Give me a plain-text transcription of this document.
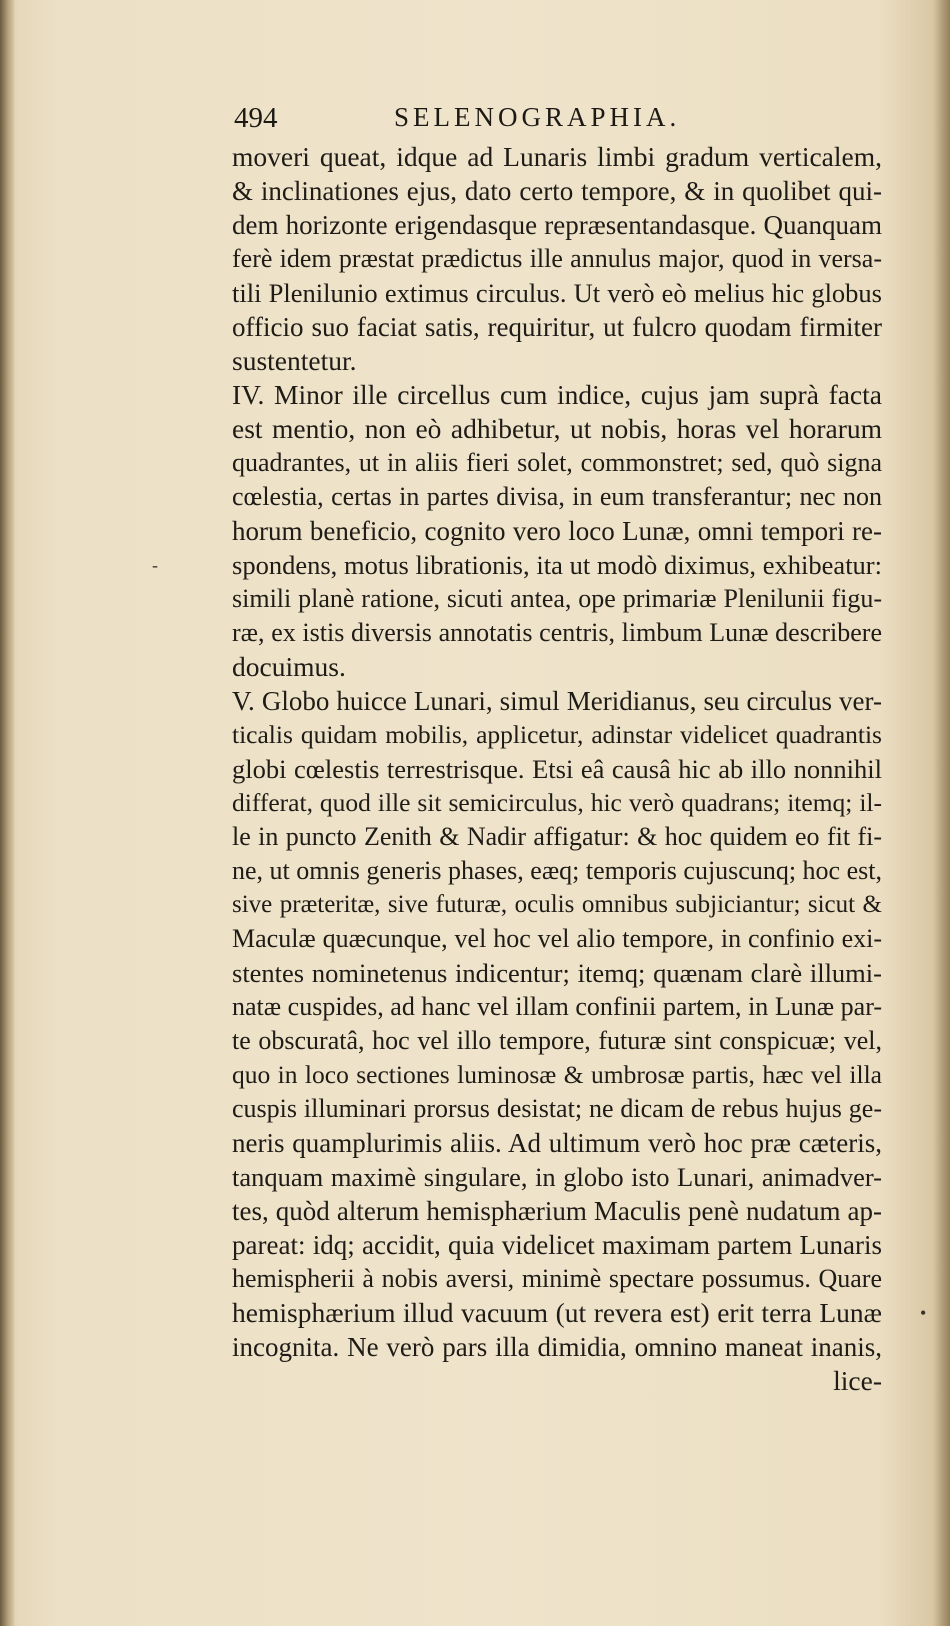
494	SELENOGRAPHIA.
moveri queat, idque ad Lunaris limbi gradum verticalem,
& inclinationes ejus, dato certo tempore, & in quolibet qui-
dem horizonte erigendasque repræsentandasque. Quanquam
ferè idem præstat prædictus ille annulus major, quod in versa-
tili Plenilunio extimus circulus. Ut verò eò melius hic globus
officio suo faciat satis, requiritur, ut fulcro quodam firmiter
sustentetur.
IV. Minor ille circellus cum indice, cujus jam suprà facta
est mentio, non eò adhibetur, ut nobis, horas vel horarum
quadrantes, ut in aliis fieri solet, commonstret; sed, quò signa
cœlestia, certas in partes divisa, in eum transferantur; nec non
horum beneficio, cognito vero loco Lunæ, omni tempori re-
spondens, motus librationis, ita ut modò diximus, exhibeatur:
simili planè ratione, sicuti antea, ope primariæ Plenilunii figu-
ræ, ex istis diversis annotatis centris, limbum Lunæ describere
docuimus.
V. Globo huicce Lunari, simul Meridianus, seu circulus ver-
ticalis quidam mobilis, applicetur, adinstar videlicet quadrantis
globi cœlestis terrestrisque. Etsi eâ causâ hic ab illo nonnihil
differat, quod ille sit semicirculus, hic verò quadrans; itemq; il-
le in puncto Zenith & Nadir affigatur: & hoc quidem eo fit fi-
ne, ut omnis generis phases, eæq; temporis cujuscunq; hoc est,
sive præteritæ, sive futuræ, oculis omnibus subjiciantur; sicut &
Maculæ quæcunque, vel hoc vel alio tempore, in confinio exi-
stentes nominetenus indicentur; itemq; quænam clarè illumi-
natæ cuspides, ad hanc vel illam confinii partem, in Lunæ par-
te obscuratâ, hoc vel illo tempore, futuræ sint conspicuæ; vel,
quo in loco sectiones luminosæ & umbrosæ partis, hæc vel illa
cuspis illuminari prorsus desistat; ne dicam de rebus hujus ge-
neris quamplurimis aliis. Ad ultimum verò hoc præ cæteris,
tanquam maximè singulare, in globo isto Lunari, animadver-
tes, quòd alterum hemisphærium Maculis penè nudatum ap-
pareat: idq; accidit, quia videlicet maximam partem Lunaris
hemispherii à nobis aversi, minimè spectare possumus. Quare
hemisphærium illud vacuum (ut revera est) erit terra Lunæ
incognita. Ne verò pars illa dimidia, omnino maneat inanis,
lice-
-
•
